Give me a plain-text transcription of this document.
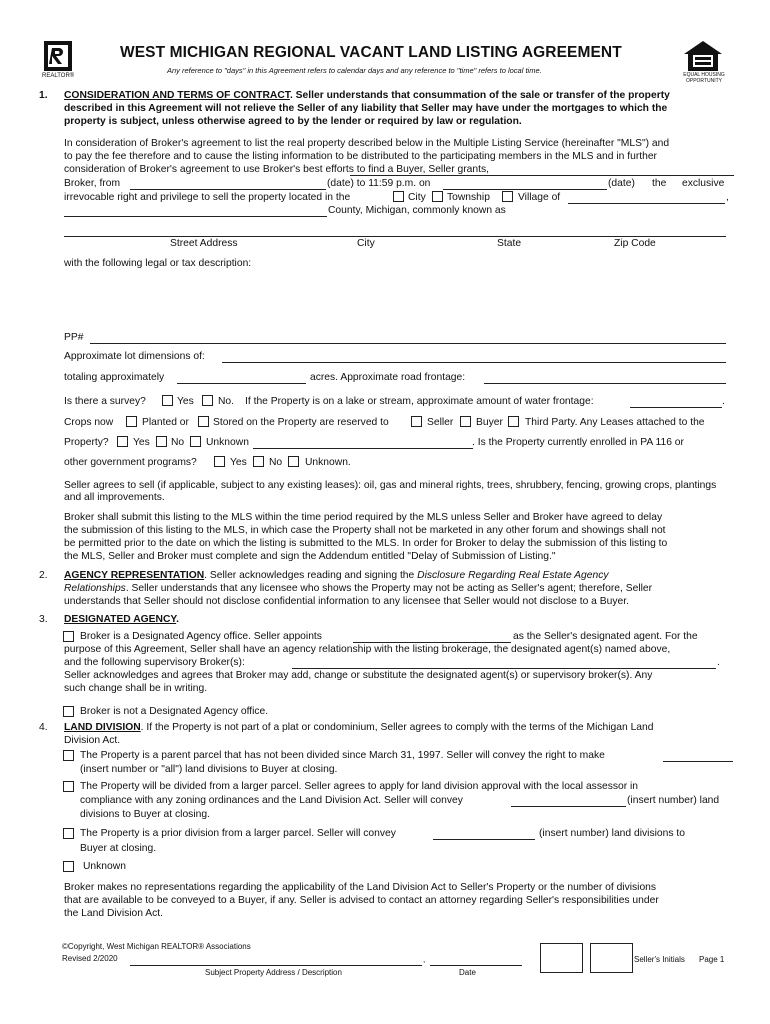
REALTOR®
WEST MICHIGAN REGIONAL VACANT LAND LISTING AGREEMENT
Any reference to "days" in this Agreement refers to calendar days and any reference to "time" refers to local time.	EQUAL HOUSING OPPORTUNITY
1. CONSIDERATION AND TERMS OF CONTRACT. Seller understands that consummation of the sale or transfer of the property
described in this Agreement will not relieve the Seller of any liability that Seller may have under the mortgages to which the
property is subject, unless otherwise agreed to by the lender or required by law or regulation.
In consideration of Broker's agreement to list the real property described below in the Multiple Listing Service (hereinafter "MLS") and
to pay the fee therefore and to cause the listing information to be distributed to the participating members in the MLS and in further
consideration of Broker's agreement to use Broker's best efforts to find a Buyer, Seller grants,
Broker, from	(date) to 11:59 p.m. on	(date) the exclusive
irrevocable right and privilege to sell the property located in the	City Township	Village of	,
County, Michigan, commonly known as
Street Address	City	State	Zip Code
with the following legal or tax description:
PP#
Approximate lot dimensions of:
totaling approximately	acres. Approximate road frontage:
Is there a survey?	Yes No. If the Property is on a lake or stream, approximate amount of water frontage:	.
Crops now	Planted or Stored on the Property are reserved to	Seller Buyer Third Party. Any Leases attached to the
Property? Yes No Unknown	. Is the Property currently enrolled in PA 116 or
other government programs?	Yes No Unknown.
Seller agrees to sell (if applicable, subject to any existing leases): oil, gas and mineral rights, trees, shrubbery, fencing, growing crops, plantings and all improvements.
Broker shall submit this listing to the MLS within the time period required by the MLS unless Seller and Broker have agreed to delay
the submission of this listing to the MLS, in which case the Property shall not be marketed in any other forum and showings shall not
be permitted prior to the date on which the listing is submitted to the MLS. In order for Broker to delay the submission of this listing to
the MLS, Seller and Broker must complete and sign the Addendum entitled "Delay of Submission of Listing."
2. AGENCY REPRESENTATION. Seller acknowledges reading and signing the Disclosure Regarding Real Estate Agency
Relationships. Seller understands that any licensee who shows the Property may not be acting as Seller's agent; therefore, Seller
understands that Seller should not disclose confidential information to any licensee that Seller would not disclose to a Buyer.
3. DESIGNATED AGENCY.
Broker is a Designated Agency office. Seller appoints	as the Seller's designated agent. For the
purpose of this Agreement, Seller shall have an agency relationship with the listing brokerage, the designated agent(s) named above,
and the following supervisory Broker(s):	.
Seller acknowledges and agrees that Broker may add, change or substitute the designated agent(s) or supervisory broker(s). Any
such change shall be in writing.
Broker is not a Designated Agency office.
4. LAND DIVISION. If the Property is not part of a plat or condominium, Seller agrees to comply with the terms of the Michigan Land
Division Act.
The Property is a parent parcel that has not been divided since March 31, 1997. Seller will convey the right to make
(insert number or "all") land divisions to Buyer at closing.
The Property will be divided from a larger parcel. Seller agrees to apply for land division approval with the local assessor in
compliance with any zoning ordinances and the Land Division Act. Seller will convey	(insert number) land
divisions to Buyer at closing.
The Property is a prior division from a larger parcel. Seller will convey	(insert number) land divisions to
Buyer at closing.
Unknown
Broker makes no representations regarding the applicability of the Land Division Act to Seller's Property or the number of divisions
that are available to be conveyed to a Buyer, if any. Seller is advised to contact an attorney regarding Seller's responsibilities under
the Land Division Act.
©Copyright, West Michigan REALTOR® Associations
Revised 2/2020	,
Subject Property Address / Description	Date
Seller's Initials Page 1
